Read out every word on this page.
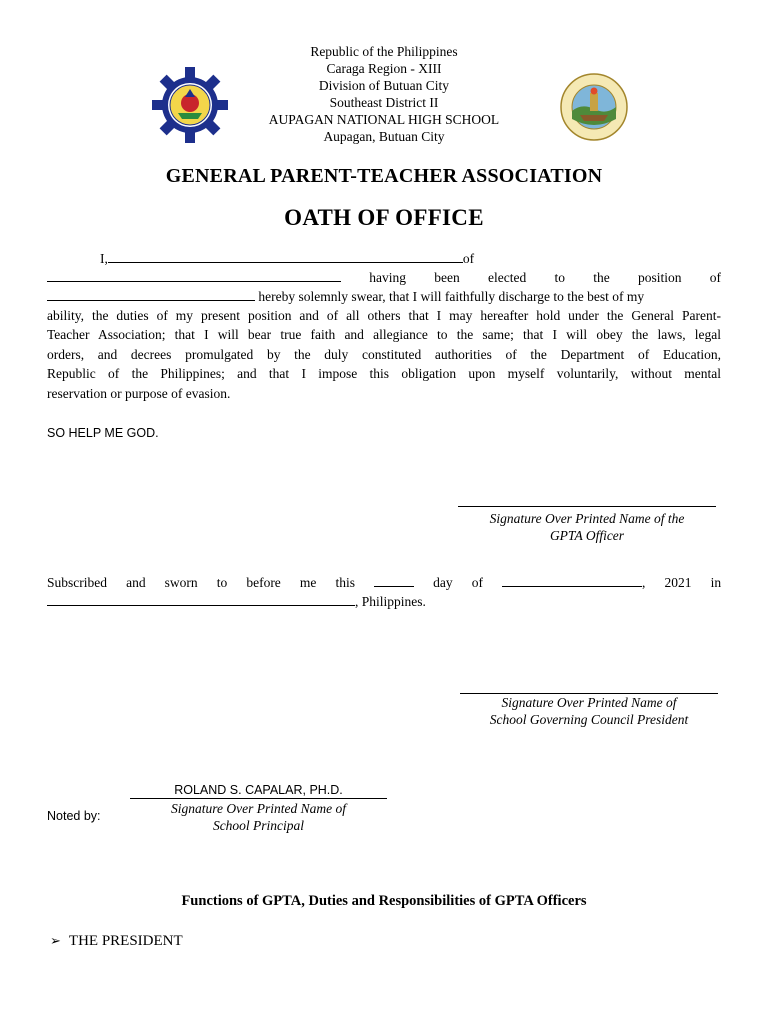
Republic of the Philippines
Caraga Region - XIII
Division of Butuan City
Southeast District II
AUPAGAN NATIONAL HIGH SCHOOL
Aupagan, Butuan City
GENERAL PARENT-TEACHER ASSOCIATION
OATH OF OFFICE
I,	of
having been elected to the position of
hereby solemnly swear, that I will faithfully discharge to the best of my
ability, the duties of my present position and of all others that I may hereafter hold under the General Parent-
Teacher Association; that I will bear true faith and allegiance to the same; that I will obey the laws, legal
orders, and decrees promulgated by the duly constituted authorities of the Department of Education,
Republic of the Philippines; and that I impose this obligation upon myself voluntarily, without mental
reservation or purpose of evasion.
SO HELP ME GOD.
Signature Over Printed Name of the
GPTA Officer
Subscribed and sworn to before me this	day of	, 2021 in
, Philippines.
Signature Over Printed Name of
School Governing Council President
Noted by:
ROLAND S. CAPALAR, PH.D.
Signature Over Printed Name of
School Principal
Functions of GPTA, Duties and Responsibilities of GPTA Officers
➢ THE PRESIDENT
